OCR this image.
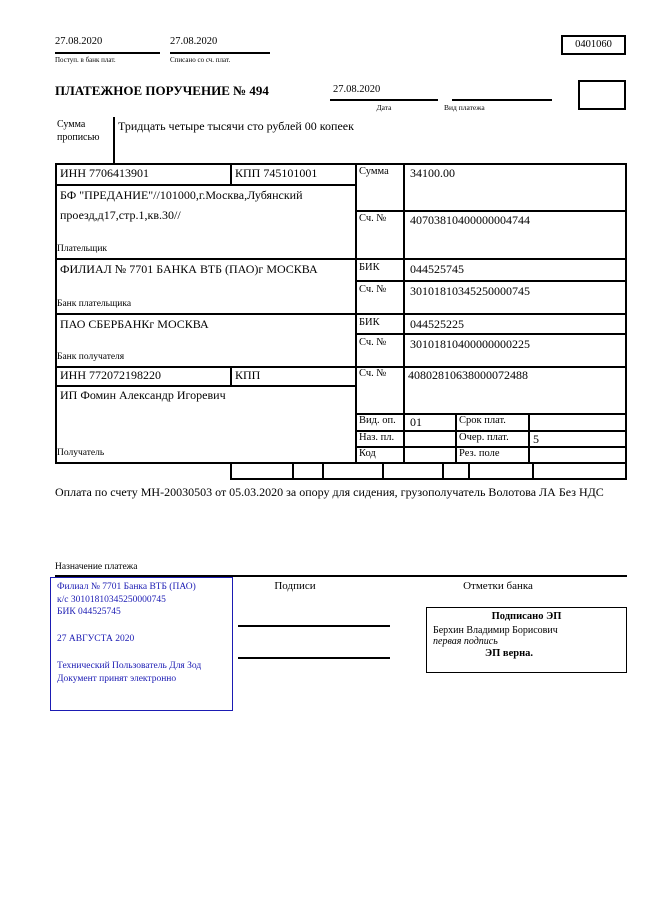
27.08.2020
Поступ. в банк плат.
27.08.2020
Списано со сч. плат.
0401060
ПЛАТЕЖНОЕ ПОРУЧЕНИЕ № 494	27.08.2020
Дата	Вид платежа
Сумма прописью
Тридцать четыре тысячи сто рублей 00 копеек
ИНН 7706413901	КПП 745101001	Сумма 34100.00
БФ "ПРЕДАНИЕ"//101000,г.Москва,Лубянский проезд,д17,стр.1,кв.30//	Сч. № 40703810400000004744
Плательщик
ФИЛИАЛ № 7701 БАНКА ВТБ (ПАО)г МОСКВА	БИК	044525745
Сч. № 30101810345250000745
Банк плательщика
ПАО СБЕРБАНКг МОСКВА	БИК	044525225
Сч. № 30101810400000000225
Банк получателя
ИНН 772072198220	КПП	Сч. № 40802810638000072488
ИП Фомин Александр Игоревич
Вид. оп. 01	Срок плат.
Наз. пл.	Очер. плат. 5
Получатель	Код	Рез. поле
Оплата по счету МН-20030503 от 05.03.2020 за опору для сидения, грузополучатель Волотова ЛА Без НДС
Назначение платежа
Подписи	Отметки банка
Филиал № 7701 Банка ВТБ (ПАО)
к/с 30101810345250000745
БИК 044525745
27 АВГУСТА 2020
Технический Пользователь Для Зод
Документ принят электронно
Подписано ЭП
Берхин Владимир Борисович
первая подпись
ЭП верна.
